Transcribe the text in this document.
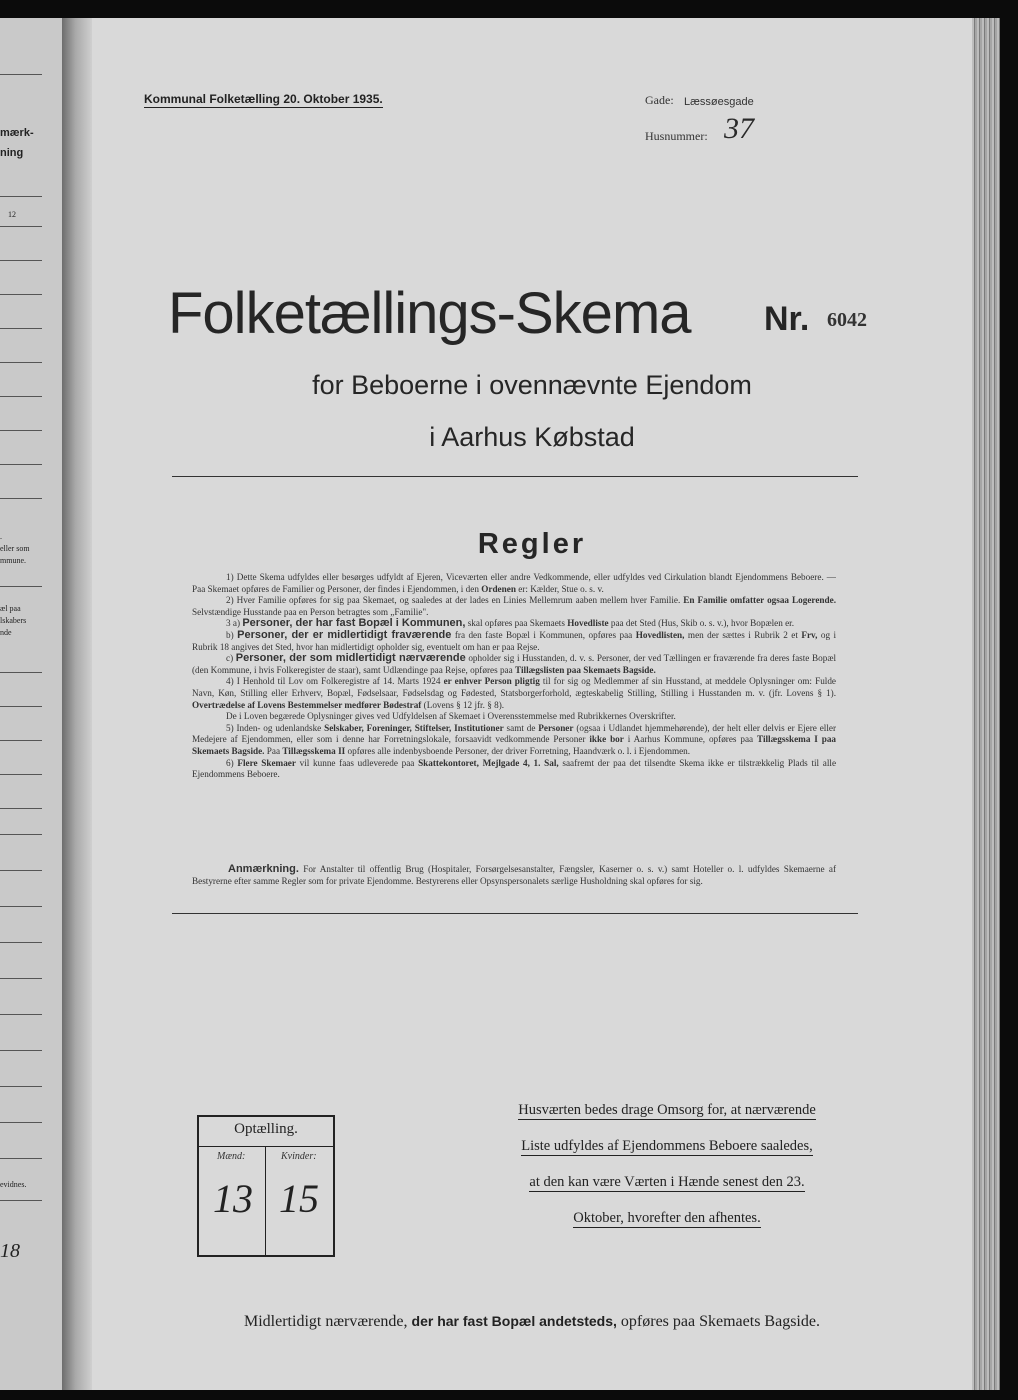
mærk-
ning
12
.
eller som
mmune.
æl paa
lskabers
nde
evidnes.
18
Kommunal Folketælling 20. Oktober 1935.	Gade: Læssøesgade
Husnummer: 37
Folketællings-Skema Nr. 6042
for Beboerne i ovennævnte Ejendom
i Aarhus Købstad
Regler

1) Dette Skema udfyldes eller besørges udfyldt af Ejeren, Viceværten eller andre Vedkommende, eller udfyldes ved Cirkulation blandt Ejendommens Beboere. — Paa Skemaet opføres de Familier og Personer, der findes i Ejendommen, i den Ordenen er: Kælder, Stue o. s. v.

2) Hver Familie opføres for sig paa Skemaet, og saaledes at der lades en Linies Mellemrum aaben mellem hver Familie. En Familie omfatter ogsaa Logerende. Selvstændige Husstande paa en Person betragtes som „Familie".

3 a) Personer, der har fast Bopæl i Kommunen, skal opføres paa Skemaets Hovedliste paa det Sted (Hus, Skib o. s. v.), hvor Bopælen er.

b) Personer, der er midlertidigt fraværende fra den faste Bopæl i Kommunen, opføres paa Hovedlisten, men der sættes i Rubrik 2 et Frv, og i Rubrik 18 angives det Sted, hvor han midlertidigt opholder sig, eventuelt om han er paa Rejse.

c) Personer, der som midlertidigt nærværende opholder sig i Husstanden, d. v. s. Personer, der ved Tællingen er fraværende fra deres faste Bopæl (den Kommune, i hvis Folkeregister de staar), samt Udlændinge paa Rejse, opføres paa Tillægslisten paa Skemaets Bagside.

4) I Henhold til Lov om Folkeregistre af 14. Marts 1924 er enhver Person pligtig til for sig og Medlemmer af sin Husstand, at meddele Oplysninger om: Fulde Navn, Køn, Stilling eller Erhverv, Bopæl, Fødselsaar, Fødselsdag og Fødested, Statsborgerforhold, ægteskabelig Stilling, Stilling i Husstanden m. v. (jfr. Lovens § 1). Overtrædelse af Lovens Bestemmelser medfører Bødestraf (Lovens § 12 jfr. § 8).

De i Loven begærede Oplysninger gives ved Udfyldelsen af Skemaet i Overensstemmelse med Rubrikkernes Overskrifter.

5) Inden- og udenlandske Selskaber, Foreninger, Stiftelser, Institutioner samt de Personer (ogsaa i Udlandet hjemmehørende), der helt eller delvis er Ejere eller Medejere af Ejendommen, eller som i denne har Forretningslokale, forsaavidt vedkommende Personer ikke bor i Aarhus Kommune, opføres paa Tillægsskema I paa Skemaets Bagside. Paa Tillægsskema II opføres alle indenbysboende Personer, der driver Forretning, Haandværk o. l. i Ejendommen.

6) Flere Skemaer vil kunne faas udleverede paa Skattekontoret, Mejlgade 4, 1. Sal, saafremt der paa det tilsendte Skema ikke er tilstrækkelig Plads til alle Ejendommens Beboere.

Anmærkning. For Anstalter til offentlig Brug (Hospitaler, Forsørgelsesanstalter, Fængsler, Kaserner o. s. v.) samt Hoteller o. l. udfyldes Skemaerne af Bestyrerne efter samme Regler som for private Ejendomme. Bestyrerens eller Opsynspersonalets særlige Husholdning skal opføres for sig.

Optælling.
Mænd:	Kvinder:
13 15
Husværten bedes drage Omsorg for, at nærværende
Liste udfyldes af Ejendommens Beboere saaledes,
at den kan være Værten i Hænde senest den 23.
Oktober, hvorefter den afhentes.
Midlertidigt nærværende, der har fast Bopæl andetsteds, opføres paa Skemaets Bagside.
